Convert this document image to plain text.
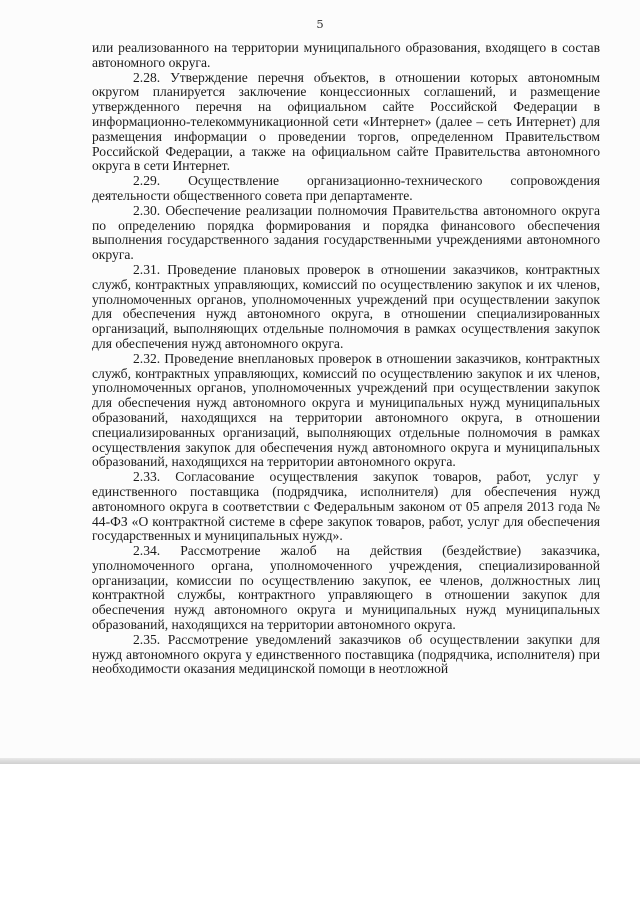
5

или реализованного на территории муниципального образования, входящего в состав автономного округа.

2.28. Утверждение перечня объектов, в отношении которых автономным округом планируется заключение концессионных соглашений, и размещение утвержденного перечня на официальном сайте Российской Федерации в информационно-телекоммуникационной сети «Интернет» (далее – сеть Интернет) для размещения информации о проведении торгов, определенном Правительством Российской Федерации, а также на официальном сайте Правительства автономного округа в сети Интернет.

2.29. Осуществление организационно-технического сопровождения деятельности общественного совета при департаменте.

2.30. Обеспечение реализации полномочия Правительства автономного округа по определению порядка формирования и порядка финансового обеспечения выполнения государственного задания государственными учреждениями автономного округа.

2.31. Проведение плановых проверок в отношении заказчиков, контрактных служб, контрактных управляющих, комиссий по осуществлению закупок и их членов, уполномоченных органов, уполномоченных учреждений при осуществлении закупок для обеспечения нужд автономного округа, в отношении специализированных организаций, выполняющих отдельные полномочия в рамках осуществления закупок для обеспечения нужд автономного округа.

2.32. Проведение внеплановых проверок в отношении заказчиков, контрактных служб, контрактных управляющих, комиссий по осуществлению закупок и их членов, уполномоченных органов, уполномоченных учреждений при осуществлении закупок для обеспечения нужд автономного округа и муниципальных нужд муниципальных образований, находящихся на территории автономного округа, в отношении специализированных организаций, выполняющих отдельные полномочия в рамках осуществления закупок для обеспечения нужд автономного округа и муниципальных образований, находящихся на территории автономного округа.

2.33. Согласование осуществления закупок товаров, работ, услуг у единственного поставщика (подрядчика, исполнителя) для обеспечения нужд автономного округа в соответствии с Федеральным законом от 05 апреля 2013 года № 44-ФЗ «О контрактной системе в сфере закупок товаров, работ, услуг для обеспечения государственных и муниципальных нужд».

2.34. Рассмотрение жалоб на действия (бездействие) заказчика, уполномоченного органа, уполномоченного учреждения, специализированной организации, комиссии по осуществлению закупок, ее членов, должностных лиц контрактной службы, контрактного управляющего в отношении закупок для обеспечения нужд автономного округа и муниципальных нужд муниципальных образований, находящихся на территории автономного округа.

2.35. Рассмотрение уведомлений заказчиков об осуществлении закупки для нужд автономного округа у единственного поставщика (подрядчика, исполнителя) при необходимости оказания медицинской помощи в неотложной
